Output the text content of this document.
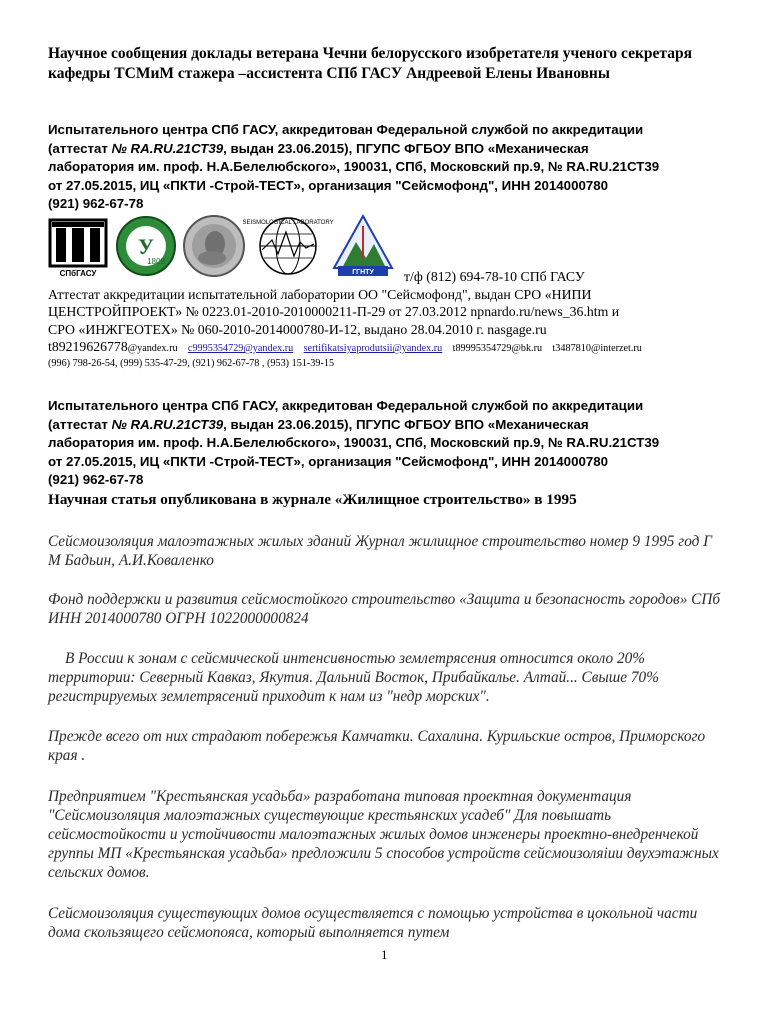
Научное сообщения доклады ветерана Чечни белорусского изобретателя ученого секретаря кафедры ТСМиМ стажера –ассистента СПб ГАСУ Андреевой Елены Ивановны
Испытательного центра СПб ГАСУ, аккредитован Федеральной службой по аккредитации
(аттестат № RA.RU.21СТ39, выдан 23.06.2015), ПГУПС ФГБОУ ВПО «Механическая
лаборатория им. проф. Н.А.Белелюбского», 190031, СПб, Московский пр.9, № RA.RU.21СТ39
от 27.05.2015, ИЦ «ПКТИ -Строй-ТЕСТ», организация "Сейсмофонд", ИНН 2014000780
(921) 962-67-78
СПбГАСУ
У
1809
SEISMOLOGICAL LABORATORY
ГГНТУ	т/ф (812) 694-78-10 СПб ГАСУ
Аттестат аккредитации испытательной лаборатории ОО "Сейсмофонд", выдан СРО «НИПИ
ЦЕНСТРОЙПРОЕКТ» № 0223.01-2010-2010000211-П-29 от 27.03.2012 npnardo.ru/news_36.htm и
СРО «ИНЖГЕОТЕХ» № 060-2010-2014000780-И-12, выдано 28.04.2010 г. nasgage.ru
t89219626778@yandex.ru c9995354729@yandex.ru sertifikatsiyaprodutsii@yandex.ru t89995354729@bk.ru t3487810@interzet.ru
(996) 798-26-54, (999) 535-47-29, (921) 962-67-78 , (953) 151-39-15
Испытательного центра СПб ГАСУ, аккредитован Федеральной службой по аккредитации
(аттестат № RA.RU.21СТ39, выдан 23.06.2015), ПГУПС ФГБОУ ВПО «Механическая
лаборатория им. проф. Н.А.Белелюбского», 190031, СПб, Московский пр.9, № RA.RU.21СТ39
от 27.05.2015, ИЦ «ПКТИ -Строй-ТЕСТ», организация "Сейсмофонд", ИНН 2014000780
(921) 962-67-78
Научная статья опубликована в журнале «Жилищное строительство» в 1995
Сейсмоизоляция малоэтажных жилых зданий Журнал жилищное строительство номер 9 1995 год Г М Бадьин, А.И.Коваленко
Фонд поддержки и развития сейсмостойкого строительство «Защита и безопасность городов» СПб ИНН 2014000780 ОГРН 1022000000824
В России к зонам с сейсмической интенсивностью землетрясения относится около 20% территории: Северный Кавказ, Якутия. Дальний Восток, Прибайкалье. Алтай... Свыше 70% регистрируемых землетрясений приходит к нам из "недр морских".
Прежде всего от них страдают побережья Камчатки. Сахалина. Курильские остров, Приморского края .
Предприятием "Крестьянская усадьба» разработана типовая проектная документация "Сейсмоизоляция малоэтажных существующие крестьянских усадеб" Для повышать сейсмостойкости и устойчивости малоэтажных жилых домов инженеры проектно-внедренчекой группы МП «Крестьянская усадьба» предложили 5 способов устройств сейсмоизоляiuu двухэтажных сельских домов.
Сейсмоизоляция существующих домов осуществляется с помощью устройства в цокольной части дома скользящего сейсмопояса, который выполняется путем
1
